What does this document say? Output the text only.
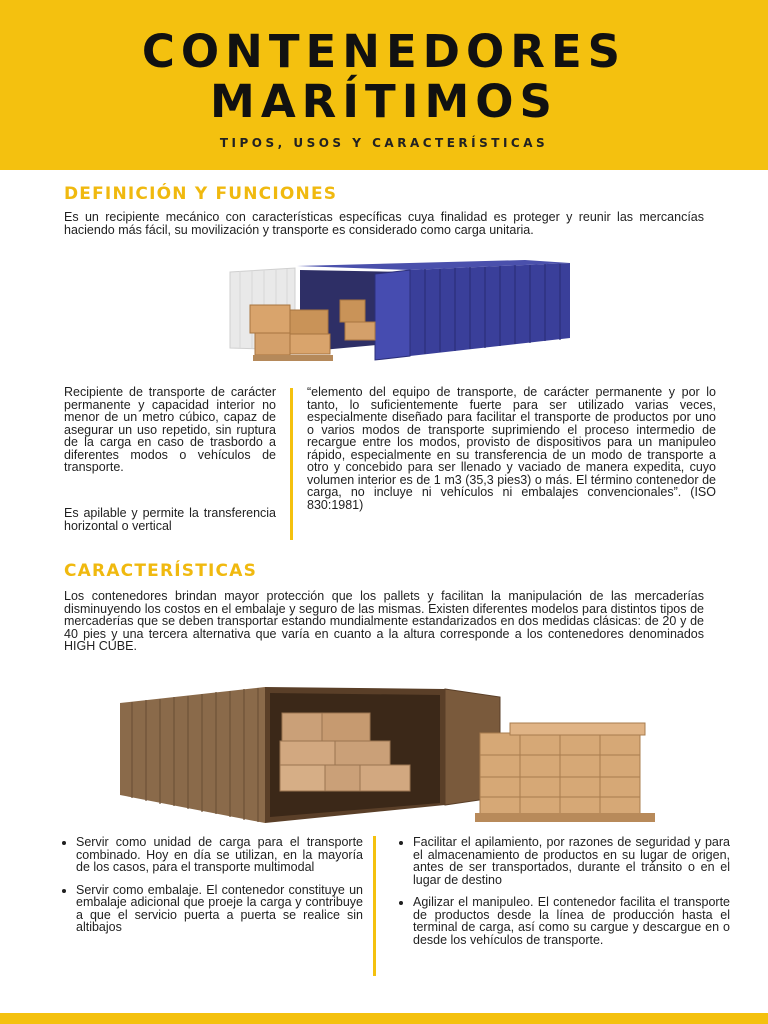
CONTENEDORES
MARÍTIMOS
TIPOS, USOS Y CARACTERÍSTICAS
DEFINICIÓN Y FUNCIONES

Es un recipiente mecánico con características específicas cuya finalidad es proteger y reunir las mercancías haciendo más fácil, su movilización y transporte es considerado como carga unitaria.

Recipiente de transporte de carácter permanente y capacidad interior no menor de un metro cúbico, capaz de asegurar un uso repetido, sin ruptura de la carga en caso de trasbordo a diferentes modos o vehículos de transporte.

Es apilable y permite la transferencia horizontal o vertical

“elemento del equipo de transporte, de carácter permanente y por lo tanto, lo suficientemente fuerte para ser utilizado varias veces, especialmente diseñado para facilitar el transporte de productos por uno o varios modos de transporte suprimiendo el proceso intermedio de recargue entre los modos, provisto de dispositivos para un manipuleo rápido, especialmente en su transferencia de un modo de transporte a otro y concebido para ser llenado y vaciado de manera expedita, cuyo volumen interior es de 1 m3 (35,3 pies3) o más. El término contenedor de carga, no incluye ni vehículos ni embalajes convencionales”. (ISO 830:1981)

CARACTERÍSTICAS

Los contenedores brindan mayor protección que los pallets y facilitan la manipulación de las mercaderías disminuyendo los costos en el embalaje y seguro de las mismas. Existen diferentes modelos para distintos tipos de mercaderías que se deben transportar estando mundialmente estandarizados en dos medidas clásicas: de 20 y de 40 pies y una tercera alternativa que varía en cuanto a la altura corresponde a los contenedores denominados HIGH CUBE.

• Servir como unidad de carga para el transporte combinado. Hoy en día se utilizan, en la mayoría de los casos, para el transporte multimodal
• Servir como embalaje. El contenedor constituye un embalaje adicional que proeje la carga y contribuye a que el servicio puerta a puerta se realice sin altibajos
• Facilitar el apilamiento, por razones de seguridad y para el almacenamiento de productos en su lugar de origen, antes de ser transportados, durante el tránsito o en el lugar de destino
• Agilizar el manipuleo. El contenedor facilita el transporte de productos desde la línea de producción hasta el terminal de carga, así como su cargue y descargue en o desde los vehículos de transporte.
